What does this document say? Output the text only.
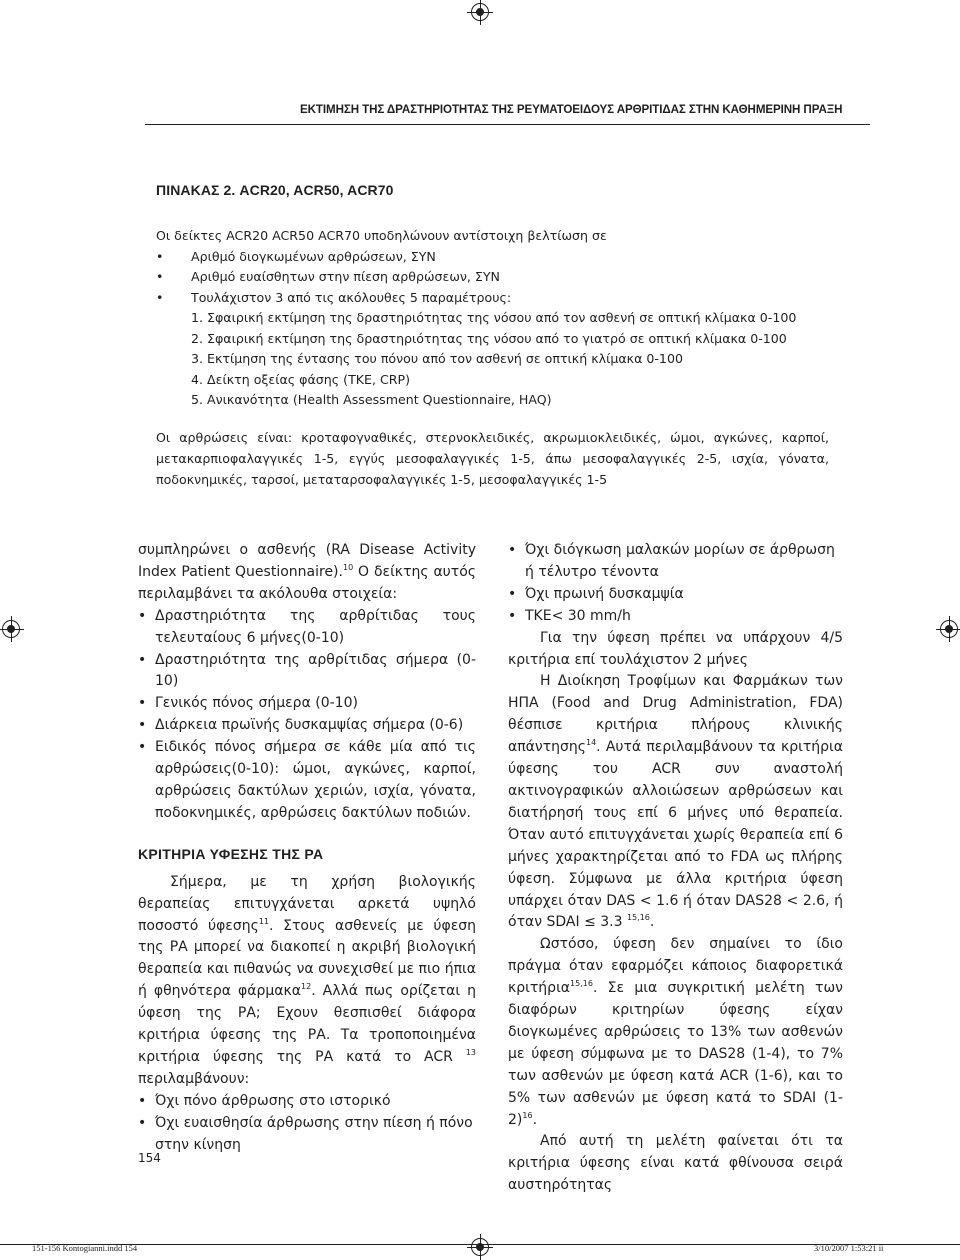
ΕΚΤΙΜΗΣΗ ΤΗΣ ΔΡΑΣΤΗΡΙΟΤΗΤΑΣ ΤΗΣ ΡΕΥΜΑΤΟΕΙΔΟΥΣ ΑΡΘΡΙΤΙΔΑΣ ΣΤΗΝ ΚΑΘΗΜΕΡΙΝΗ ΠΡΑΞΗ
ΠΙΝΑΚΑΣ 2. ACR20, ACR50, ACR70
Οι δείκτες ACR20 ACR50 ACR70 υποδηλώνουν αντίστοιχη βελτίωση σε
• Αριθμό διογκωμένων αρθρώσεων, ΣΥΝ
• Αριθμό ευαίσθητων στην πίεση αρθρώσεων, ΣΥΝ
• Τουλάχιστον 3 από τις ακόλουθες 5 παραμέτρους:
1. Σφαιρική εκτίμηση της δραστηριότητας της νόσου από τον ασθενή σε οπτική κλίμακα 0-100
2. Σφαιρική εκτίμηση της δραστηριότητας της νόσου από το γιατρό σε οπτική κλίμακα 0-100
3. Εκτίμηση της έντασης του πόνου από τον ασθενή σε οπτική κλίμακα 0-100
4. Δείκτη οξείας φάσης (ΤΚΕ, CRP)
5. Ανικανότητα (Health Assessment Questionnaire, HAQ)
Οι αρθρώσεις είναι: κροταφογναθικές, στερνοκλειδικές, ακρωμιοκλειδικές, ώμοι, αγκώνες, καρποί, μετακαρπιοφαλαγγικές 1-5, εγγύς μεσοφαλαγγικές 1-5, άπω μεσοφαλαγγικές 2-5, ισχία, γόνατα, ποδοκνημικές, ταρσοί, μεταταρσοφαλαγγικές 1-5, μεσοφαλαγγικές 1-5

συμπληρώνει ο ασθενής (RA Disease Activity Index Patient Questionnaire).$^{10}$ Ο δείκτης αυτός περιλαμβάνει τα ακόλουθα στοιχεία:

• Δραστηριότητα της αρθρίτιδας τους τελευταίους 6 μήνες(0-10)

• Δραστηριότητα της αρθρίτιδας σήμερα (0-10)

• Γενικός πόνος σήμερα (0-10)

• Διάρκεια πρωϊνής δυσκαμψίας σήμερα (0-6)

• Ειδικός πόνος σήμερα σε κάθε μία από τις αρθρώσεις(0-10): ώμοι, αγκώνες, καρποί, αρθρώσεις δακτύλων χεριών, ισχία, γόνατα, ποδοκνημικές, αρθρώσεις δακτύλων ποδιών.

ΚΡΙΤΗΡΙΑ ΥΦΕΣΗΣ ΤΗΣ ΡΑ

Σήμερα, με τη χρήση βιολογικής θεραπείας επιτυγχάνεται αρκετά υψηλό ποσοστό ύφεσης$^{11}$. Στους ασθενείς με ύφεση της ΡΑ μπορεί να διακοπεί η ακριβή βιολογική θεραπεία και πιθανώς να συνεχισθεί με πιο ήπια ή φθηνότερα φάρμακα$^{12}$. Αλλά πως ορίζεται η ύφεση της ΡΑ; Εχουν θεσπισθεί διάφορα κριτήρια ύφεσης της ΡΑ. Τα τροποποιημένα κριτήρια ύφεσης της ΡΑ κατά το ACR $^{13}$ περιλαμβάνουν:

• Όχι πόνο άρθρωσης στο ιστορικό

• Όχι ευαισθησία άρθρωσης στην πίεση ή πόνο στην κίνηση

• Όχι διόγκωση μαλακών μορίων σε άρθρωση ή τέλυτρο τένοντα

• Όχι πρωινή δυσκαμψία

• ΤΚΕ< 30 mm/h

Για την ύφεση πρέπει να υπάρχουν 4/5 κριτήρια επί τουλάχιστον 2 μήνες

Η Διοίκηση Τροφίμων και Φαρμάκων των ΗΠΑ (Food and Drug Administration, FDA) θέσπισε κριτήρια πλήρους κλινικής απάντησης$^{14}$. Αυτά περιλαμβάνουν τα κριτήρια ύφεσης του ACR συν αναστολή ακτινογραφικών αλλοιώσεων αρθρώσεων και διατήρησή τους επί 6 μήνες υπό θεραπεία. Όταν αυτό επιτυγχάνεται χωρίς θεραπεία επί 6 μήνες χαρακτηρίζεται από το FDA ως πλήρης ύφεση. Σύμφωνα με άλλα κριτήρια ύφεση υπάρχει όταν DAS < 1.6 ή όταν DAS28 < 2.6, ή όταν SDAI ≤ 3.3 $^{15,16}$.

Ωστόσο, ύφεση δεν σημαίνει το ίδιο πράγμα όταν εφαρμόζει κάποιος διαφορετικά κριτήρια$^{15,16}$. Σε μια συγκριτική μελέτη των διαφόρων κριτηρίων ύφεσης είχαν διογκωμένες αρθρώσεις το 13% των ασθενών με ύφεση σύμφωνα με το DAS28 (1-4), το 7% των ασθενών με ύφεση κατά ACR (1-6), και το 5% των ασθενών με ύφεση κατά το SDAI $(1-2)^{16}$.

Από αυτή τη μελέτη φαίνεται ότι τα κριτήρια ύφεσης είναι κατά φθίνουσα σειρά αυστηρότητας

154
151-156 Kontogianni.indd 154	3/10/2007 1:53:21 ii
